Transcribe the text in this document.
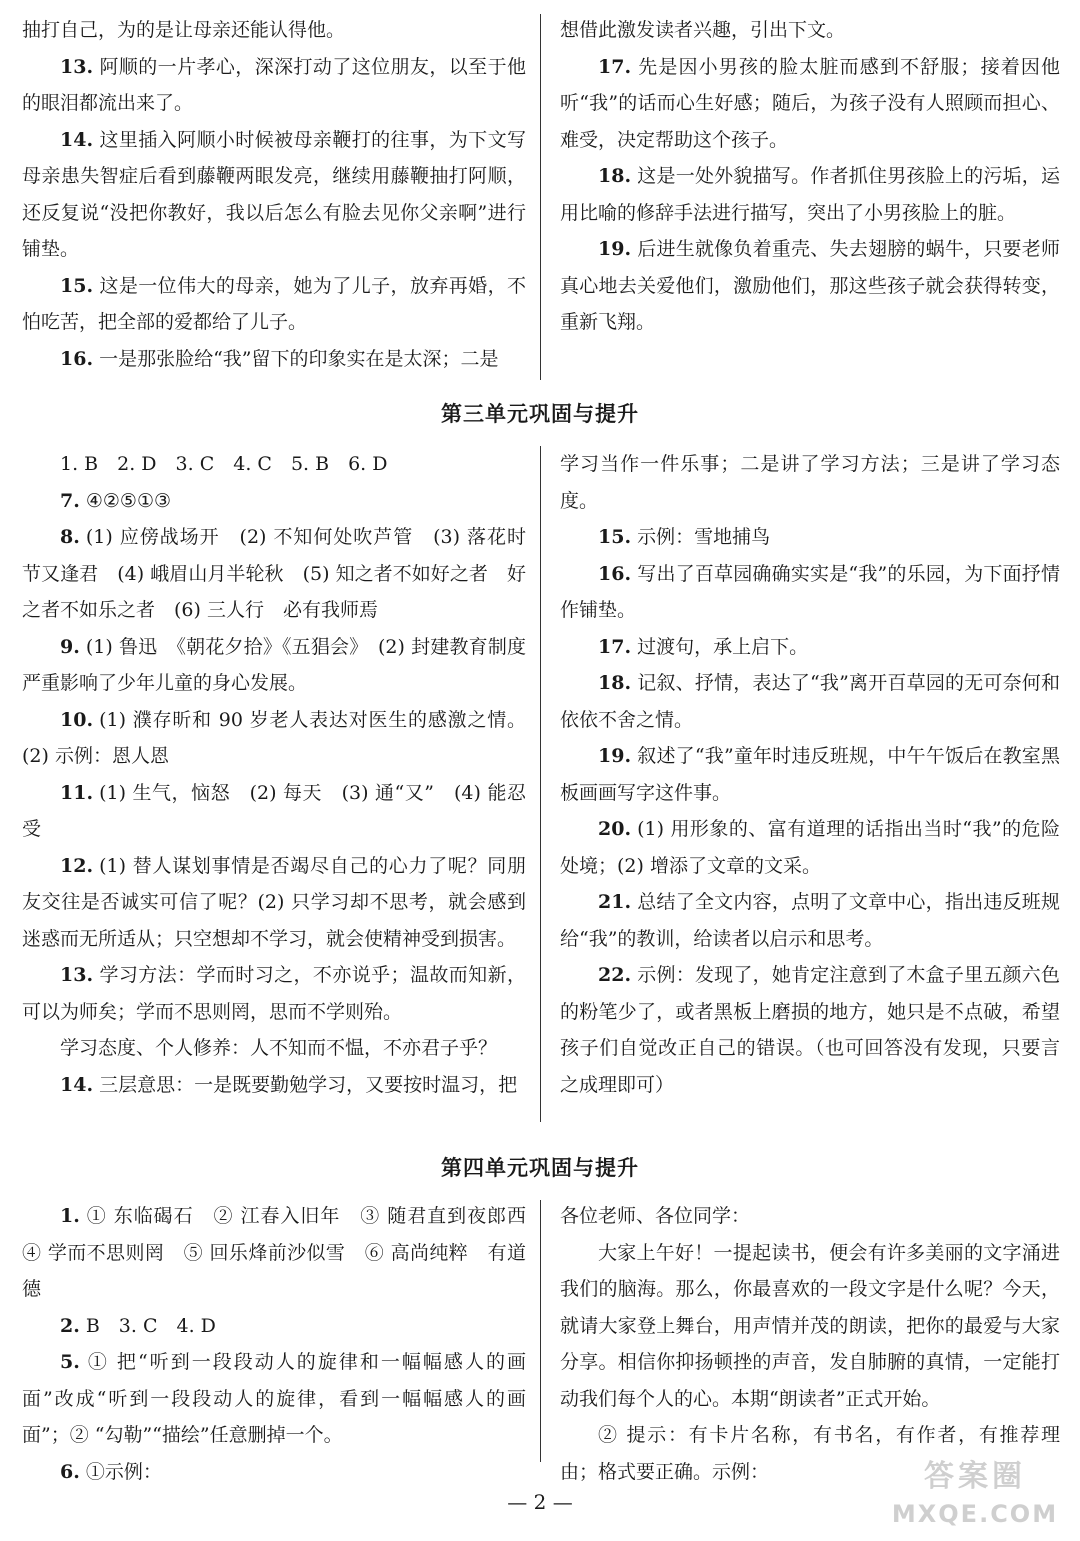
抽打自己，为的是让母亲还能认得他。

13. 阿顺的一片孝心，深深打动了这位朋友，以至于他的眼泪都流出来了。

14. 这里插入阿顺小时候被母亲鞭打的往事，为下文写母亲患失智症后看到藤鞭两眼发亮，继续用藤鞭抽打阿顺，还反复说“没把你教好，我以后怎么有脸去见你父亲啊”进行铺垫。

15. 这是一位伟大的母亲，她为了儿子，放弃再婚，不怕吃苦，把全部的爱都给了儿子。

16. 一是那张脸给“我”留下的印象实在是太深；二是

想借此激发读者兴趣，引出下文。

17. 先是因小男孩的脸太脏而感到不舒服；接着因他听“我”的话而心生好感；随后，为孩子没有人照顾而担心、难受，决定帮助这个孩子。

18. 这是一处外貌描写。作者抓住男孩脸上的污垢，运用比喻的修辞手法进行描写，突出了小男孩脸上的脏。

19. 后进生就像负着重壳、失去翅膀的蜗牛，只要老师真心地去关爱他们，激励他们，那这些孩子就会获得转变，重新飞翔。

第三单元巩固与提升

1. B　2. D　3. C　4. C　5. B　6. D

7. ④②⑤①③

8. (1) 应傍战场开　(2) 不知何处吹芦管　(3) 落花时节又逢君　(4) 峨眉山月半轮秋　(5) 知之者不如好之者　好之者不如乐之者　(6) 三人行　必有我师焉

9. (1) 鲁迅　《朝花夕拾》《五猖会》　(2) 封建教育制度严重影响了少年儿童的身心发展。

10. (1) 濮存昕和 90 岁老人表达对医生的感激之情。(2) 示例：恩人恩

11. (1) 生气，恼怒　(2) 每天　(3) 通“又”　(4) 能忍受

12. (1) 替人谋划事情是否竭尽自己的心力了呢？同朋友交往是否诚实可信了呢？(2) 只学习却不思考，就会感到迷惑而无所适从；只空想却不学习，就会使精神受到损害。

13. 学习方法：学而时习之，不亦说乎；温故而知新，可以为师矣；学而不思则罔，思而不学则殆。

学习态度、个人修养：人不知而不愠，不亦君子乎？

14. 三层意思：一是既要勤勉学习，又要按时温习，把

学习当作一件乐事；二是讲了学习方法；三是讲了学习态度。

15. 示例：雪地捕鸟

16. 写出了百草园确确实实是“我”的乐园，为下面抒情作铺垫。

17. 过渡句，承上启下。

18. 记叙、抒情，表达了“我”离开百草园的无可奈何和依依不舍之情。

19. 叙述了“我”童年时违反班规，中午午饭后在教室黑板画画写字这件事。

20. (1) 用形象的、富有道理的话指出当时“我”的危险处境；(2) 增添了文章的文采。

21. 总结了全文内容，点明了文章中心，指出违反班规给“我”的教训，给读者以启示和思考。

22. 示例：发现了，她肯定注意到了木盒子里五颜六色的粉笔少了，或者黑板上磨损的地方，她只是不点破，希望孩子们自觉改正自己的错误。（也可回答没有发现，只要言之成理即可）

第四单元巩固与提升

1. ① 东临碣石　② 江春入旧年　③ 随君直到夜郎西　④ 学而不思则罔　⑤ 回乐烽前沙似雪　⑥ 高尚纯粹　有道德

2. B　3. C　4. D

5. ① 把“听到一段段动人的旋律和一幅幅感人的画面”改成“听到一段段动人的旋律，看到一幅幅感人的画面”；② “勾勒”“描绘”任意删掉一个。

6. ①示例：

各位老师、各位同学：

大家上午好！一提起读书，便会有许多美丽的文字涌进我们的脑海。那么，你最喜欢的一段文字是什么呢？今天，就请大家登上舞台，用声情并茂的朗读，把你的最爱与大家分享。相信你抑扬顿挫的声音，发自肺腑的真情，一定能打动我们每个人的心。本期“朗读者”正式开始。

② 提示：有卡片名称，有书名，有作者，有推荐理由；格式要正确。示例：

— 2 —
答案圈
MXQE.COM
